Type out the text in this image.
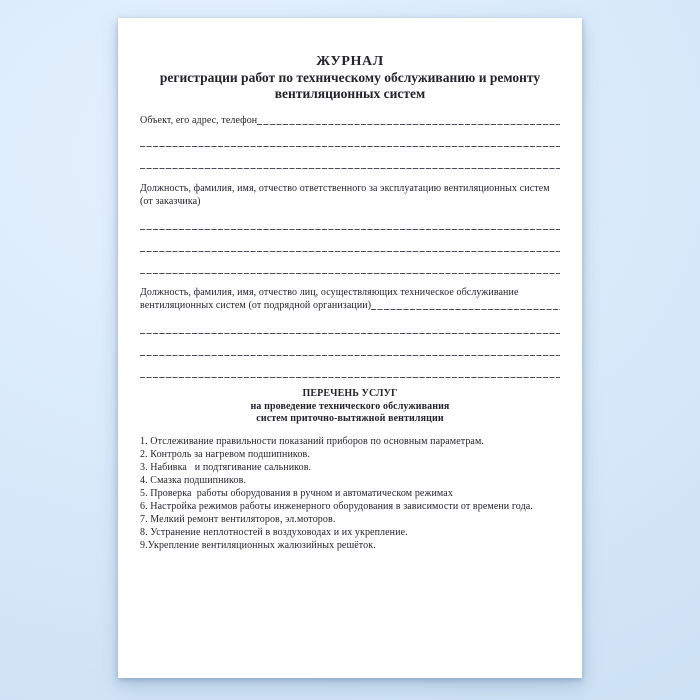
ЖУРНАЛ
регистрации работ по техническому обслуживанию и ремонту
вентиляционных систем
Объект, его адрес, телефон
Должность, фамилия, имя, отчество ответственного за эксплуатацию вентиляционных систем
(от заказчика)
Должность, фамилия, имя, отчество лиц, осуществляющих техническое обслуживание
вентиляционных систем (от подрядной организации)
ПЕРЕЧЕНЬ УСЛУГ
на проведение технического обслуживания
систем приточно-вытяжной вентиляции
1. Отслеживание правильности показаний приборов по основным параметрам.
2. Контроль за нагревом подшипников.
3. Набивка   и подтягивание сальников.
4. Смазка подшипников.
5. Проверка  работы оборудования в ручном и автоматическом режимах
6. Настройка режимов работы инженерного оборудования в зависимости от времени года.
7. Мелкий ремонт вентиляторов, эл.моторов.
8. Устранение неплотностей в воздуховодах и их укрепление.
9.Укрепление вентиляционных жалюзийных решёток.
